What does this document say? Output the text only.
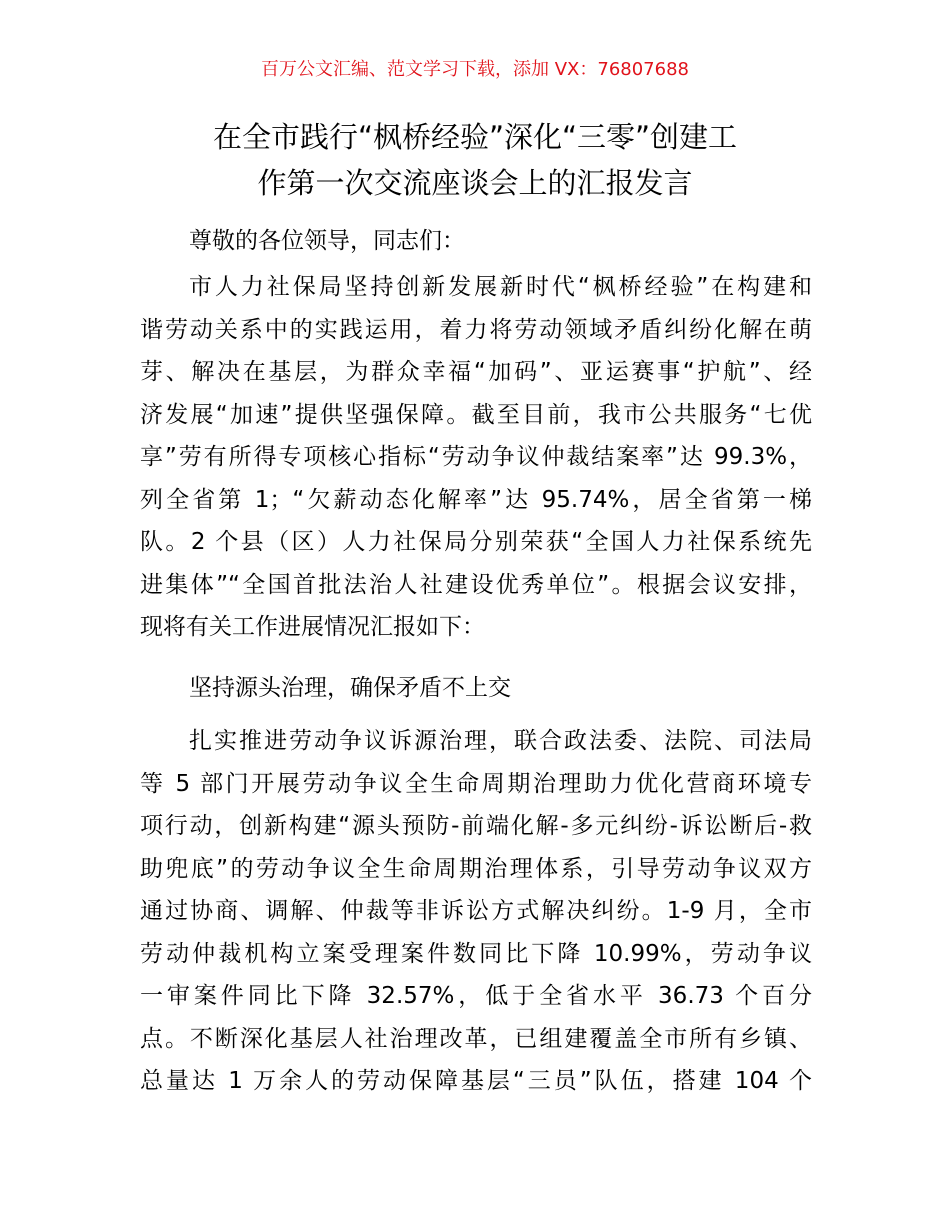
百万公文汇编、范文学习下载，添加 VX：76807688
在全市践行“枫桥经验”深化“三零”创建工
作第一次交流座谈会上的汇报发言
尊敬的各位领导，同志们：
市人力社保局坚持创新发展新时代“枫桥经验”在构建和
谐劳动关系中的实践运用，着力将劳动领域矛盾纠纷化解在萌
芽、解决在基层，为群众幸福“加码”、亚运赛事“护航”、经
济发展“加速”提供坚强保障。截至目前，我市公共服务“七优
享”劳有所得专项核心指标“劳动争议仲裁结案率”达 99.3%，
列全省第 1；“欠薪动态化解率”达 95.74%，居全省第一梯
队。2 个县（区）人力社保局分别荣获“全国人力社保系统先
进集体”“全国首批法治人社建设优秀单位”。根据会议安排，
现将有关工作进展情况汇报如下：
坚持源头治理，确保矛盾不上交
扎实推进劳动争议诉源治理，联合政法委、法院、司法局
等 5 部门开展劳动争议全生命周期治理助力优化营商环境专
项行动，创新构建“源头预防-前端化解-多元纠纷-诉讼断后-救
助兜底”的劳动争议全生命周期治理体系，引导劳动争议双方
通过协商、调解、仲裁等非诉讼方式解决纠纷。1-9 月，全市
劳动仲裁机构立案受理案件数同比下降 10.99%，劳动争议
一审案件同比下降 32.57%，低于全省水平 36.73 个百分
点。不断深化基层人社治理改革，已组建覆盖全市所有乡镇、
总量达 1 万余人的劳动保障基层“三员”队伍，搭建 104 个
